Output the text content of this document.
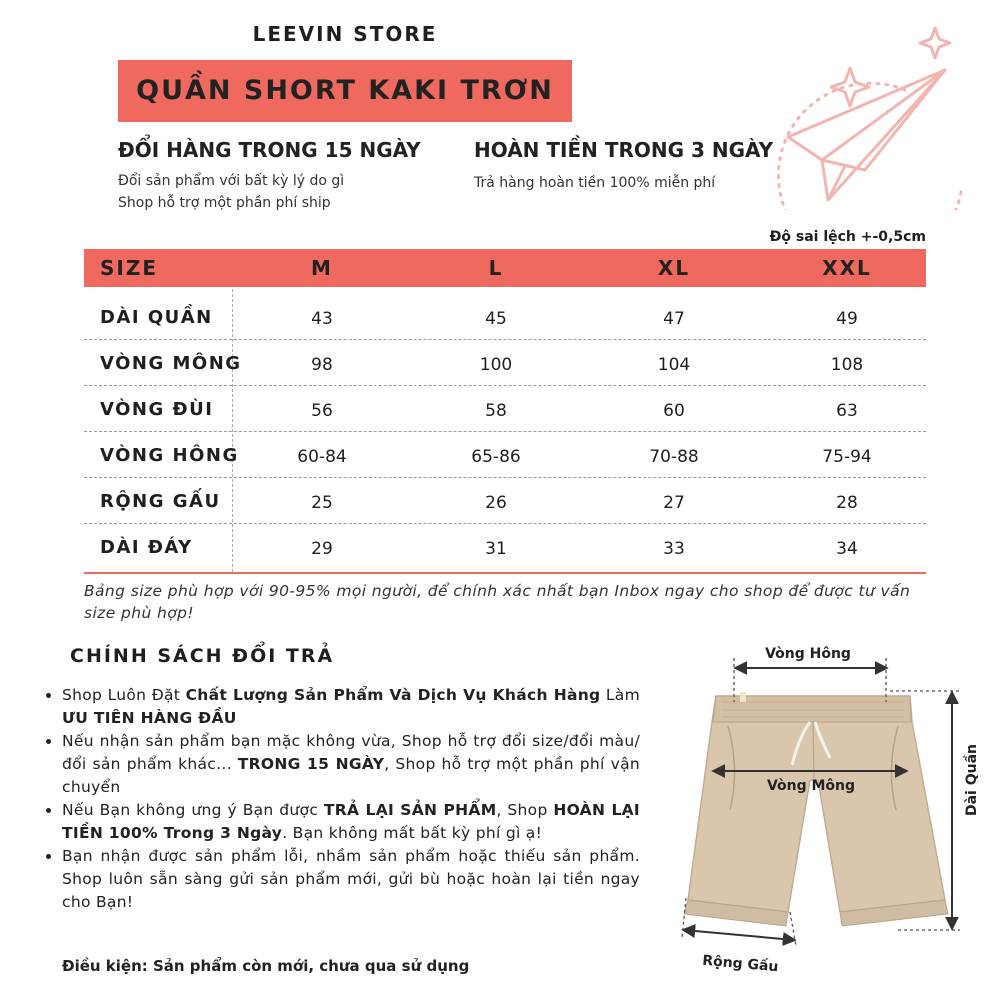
LEEVIN STORE
QUẦN SHORT KAKI TRƠN
ĐỔI HÀNG TRONG 15 NGÀY
Đổi sản phẩm với bất kỳ lý do gì
Shop hỗ trợ một phần phí ship
HOÀN TIỀN TRONG 3 NGÀY
Trả hàng hoàn tiền 100% miễn phí
Độ sai lệch +-0,5cm
SIZE	M	L	XL	XXL
DÀI QUẦN	43	45	47	49
VÒNG MÔNG	98	100	104	108
VÒNG ĐÙI	56	58	60	63
VÒNG HÔNG	60-84	65-86	70-88	75-94
RỘNG GẤU	25	26	27	28
DÀI ĐÁY	29	31	33	34
Bảng size phù hợp với 90-95% mọi người, để chính xác nhất bạn Inbox ngay cho shop để được tư vấn size phù hợp!
CHÍNH SÁCH ĐỔI TRẢ
• Shop Luôn Đặt Chất Lượng Sản Phẩm Và Dịch Vụ Khách Hàng Làm ƯU TIÊN HÀNG ĐẦU
• Nếu nhận sản phẩm bạn mặc không vừa, Shop hỗ trợ đổi size/đổi màu/đổi sản phẩm khác... TRONG 15 NGÀY, Shop hỗ trợ một phần phí vận chuyển
• Nếu Bạn không ưng ý Bạn được TRẢ LẠI SẢN PHẨM, Shop HOÀN LẠI TIỀN 100% Trong 3 Ngày. Bạn không mất bất kỳ phí gì ạ!
• Bạn nhận được sản phẩm lỗi, nhầm sản phẩm hoặc thiếu sản phẩm. Shop luôn sẵn sàng gửi sản phẩm mới, gửi bù hoặc hoàn lại tiền ngay cho Bạn!
Điều kiện: Sản phẩm còn mới, chưa qua sử dụng
Vòng Hông
Vòng Mông	Dài Quần
Rộng Gấu
